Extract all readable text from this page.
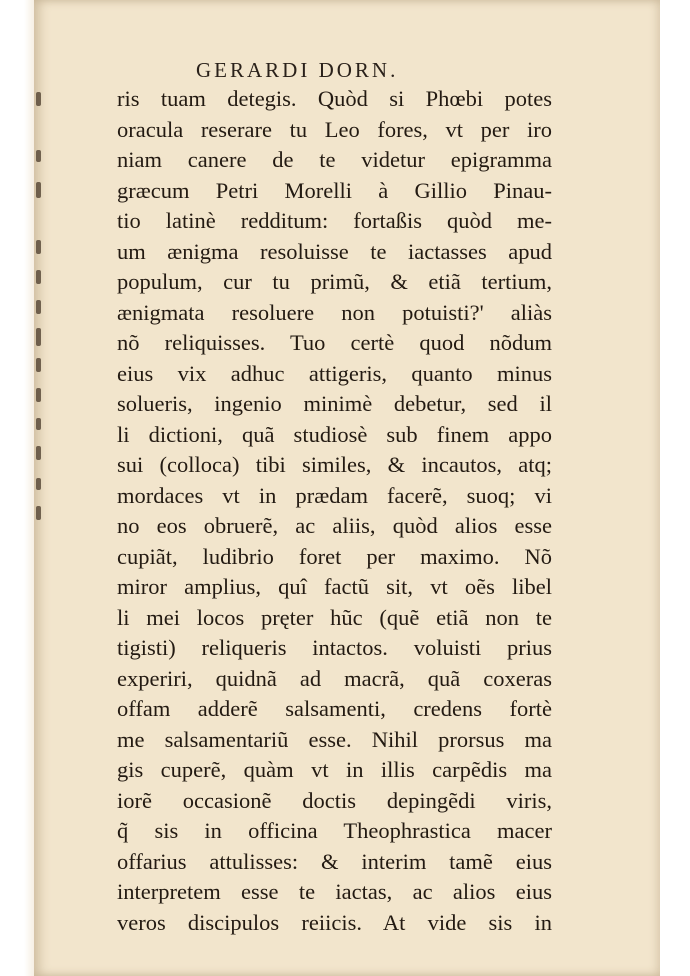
GERARDI DORN.
ris tuam detegis. Quòd si Phœbi potes
oracula reserare tu Leo fores, vt per iro
niam canere de te videtur epigramma
græcum Petri Morelli à Gillio Pinau-
tio latinè redditum: fortaßis quòd me-
um ænigma resoluisse te iactasses apud
populum, cur tu primũ, & etiã tertium,
ænigmata resoluere non potuisti?' aliàs
nõ reliquisses. Tuo certè quod nõdum
eius vix adhuc attigeris, quanto minus
solueris, ingenio minimè debetur, sed il
li dictioni, quã studiosè sub finem appo
sui (colloca) tibi similes, & incautos, atq;
mordaces vt in prædam facerẽ, suoq; vi
no eos obruerẽ, ac aliis, quòd alios esse
cupiãt, ludibrio foret per maximo. Nõ
miror amplius, quî factũ sit, vt oẽs libel
li mei locos pręter hũc (quẽ etiã non te
tigisti) reliqueris intactos. voluisti prius
experiri, quidnã ad macrã, quã coxeras
offam adderẽ salsamenti, credens fortè
me salsamentariũ esse. Nihil prorsus ma
gis cuperẽ, quàm vt in illis carpẽdis ma
iorẽ occasionẽ doctis depingẽdi viris,
q̃ sis in officina Theophrastica macer
offarius attulisses: & interim tamẽ eius
interpretem esse te iactas, ac alios eius
veros discipulos reiicis. At vide sis in
